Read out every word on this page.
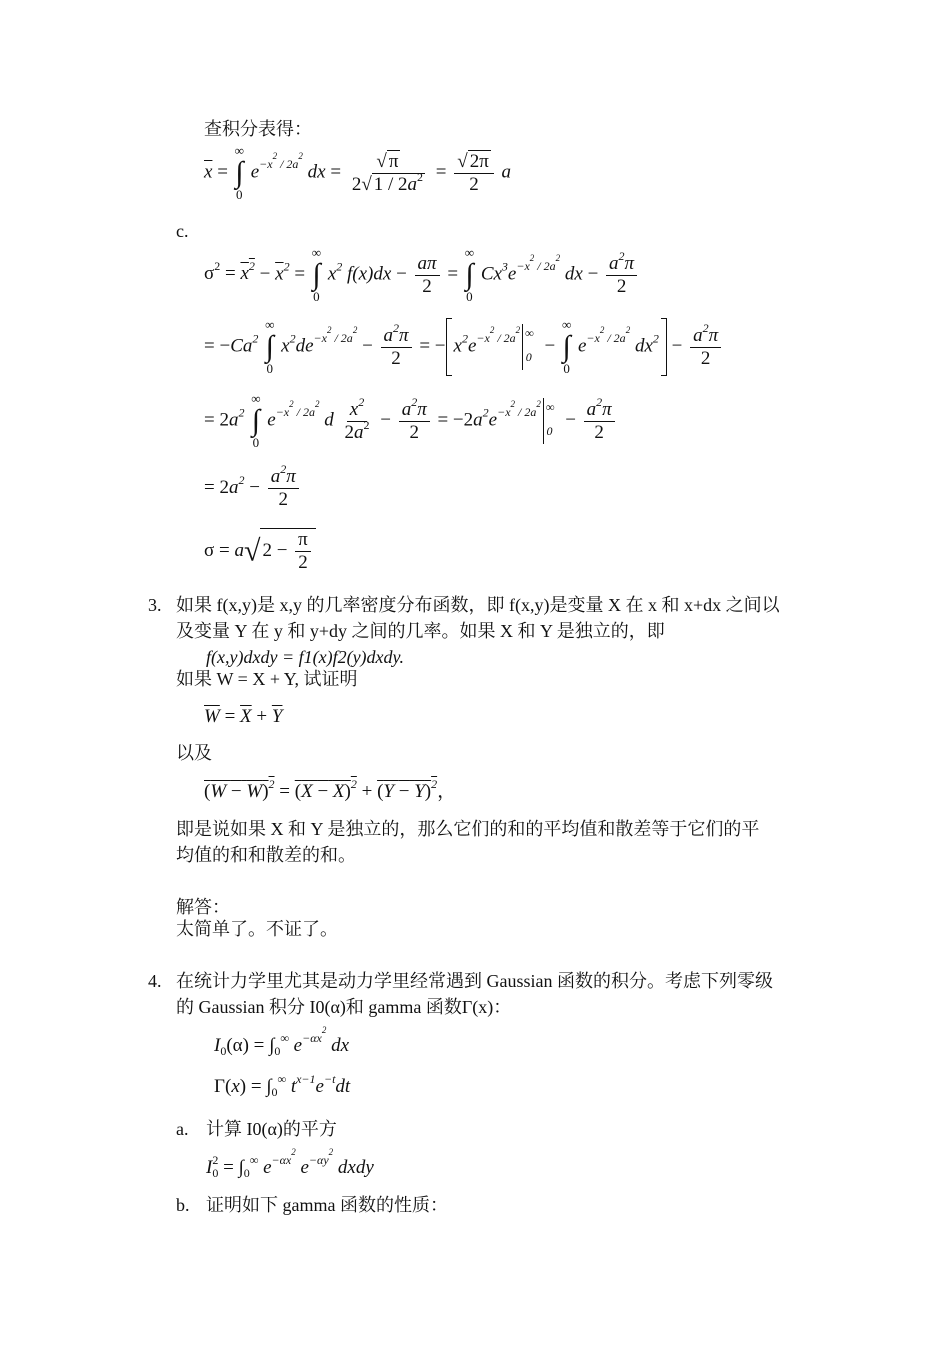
查积分表得：
$\overline{x}$ =
∞
∫
0
$e^{-x^2 / 2a^2}$ dx = $\frac{√ \pi}{2√ 1 / 2a^2} = \frac{√ 2\pi}{2}$ a
c.
$\sigma^2 = x^2 - \overline{x}^2$ =
∞
∫
0
$x^2$ $f(x)dx - \frac{a\pi}{2}$ =
∞
∫
0
$Cx^3e^{-x^2 / 2a^2}$ dx − $\frac{a^2\pi}{2}$
= $-Ca^2$
∞
∫
0
$x^2de^{-x^2 / 2a^2} - \frac{a^2\pi}{2}$ = − $x^2e^{-x^2 / 2a^2}$ ∞$_0$ −
∞
∫
0
$e^{-x^2 / 2a^2}$ $dx^2 - \frac{a^2\pi}{2}$
= $2a^2$
∞
∫
0
$e^{-x^2 / 2a^2}$ d $\frac{x^2}{2a^2} - \frac{a^2\pi}{2} = -2a^2e^{-x^2 / 2a^2}$ $^\infty_0 - \frac{a^2\pi}{2}$
= $2a^2 - \frac{a^2\pi}{2}$
σ = a√ $2 - \frac{\pi}{2}$
3. 如果 f(x,y)是 x,y 的几率密度分布函数，即 f(x,y)是变量 X 在 x 和 x+dx 之间以
及变量 Y 在 y 和 y+dy 之间的几率。如果 X 和 Y 是独立的，即
f(x,y)dxdy = f1(x)f2(y)dxdy.
如果 W = X + Y, 试证明
$\overline{W} = \overline{X} + \overline{Y}$
以及
$(W - W)^2 = (X - X)^2 + (Y - Y)^2$，
即是说如果 X 和 Y 是独立的，那么它们的和的平均值和散差等于它们的平
均值的和和散差的和。
解答：
太简单了。不证了。
4. 在统计力学里尤其是动力学里经常遇到 Gaussian 函数的积分。考虑下列零级
的 Gaussian 积分 I0(α)和 gamma 函数Γ(x)：
$I_0(\alpha) = \int_0^\infty$ $e^{-\alpha x^2}$ dx
$\Gamma(x) = \int_0^\infty$ $t^{x-1}e^{-t}dt$
a. 计算 I0(α)的平方
$I_0^2 = \int_0^\infty$ $e^{-\alpha x^2}$ $e^{-\alpha y^2}$ dxdy
b. 证明如下 gamma 函数的性质：
